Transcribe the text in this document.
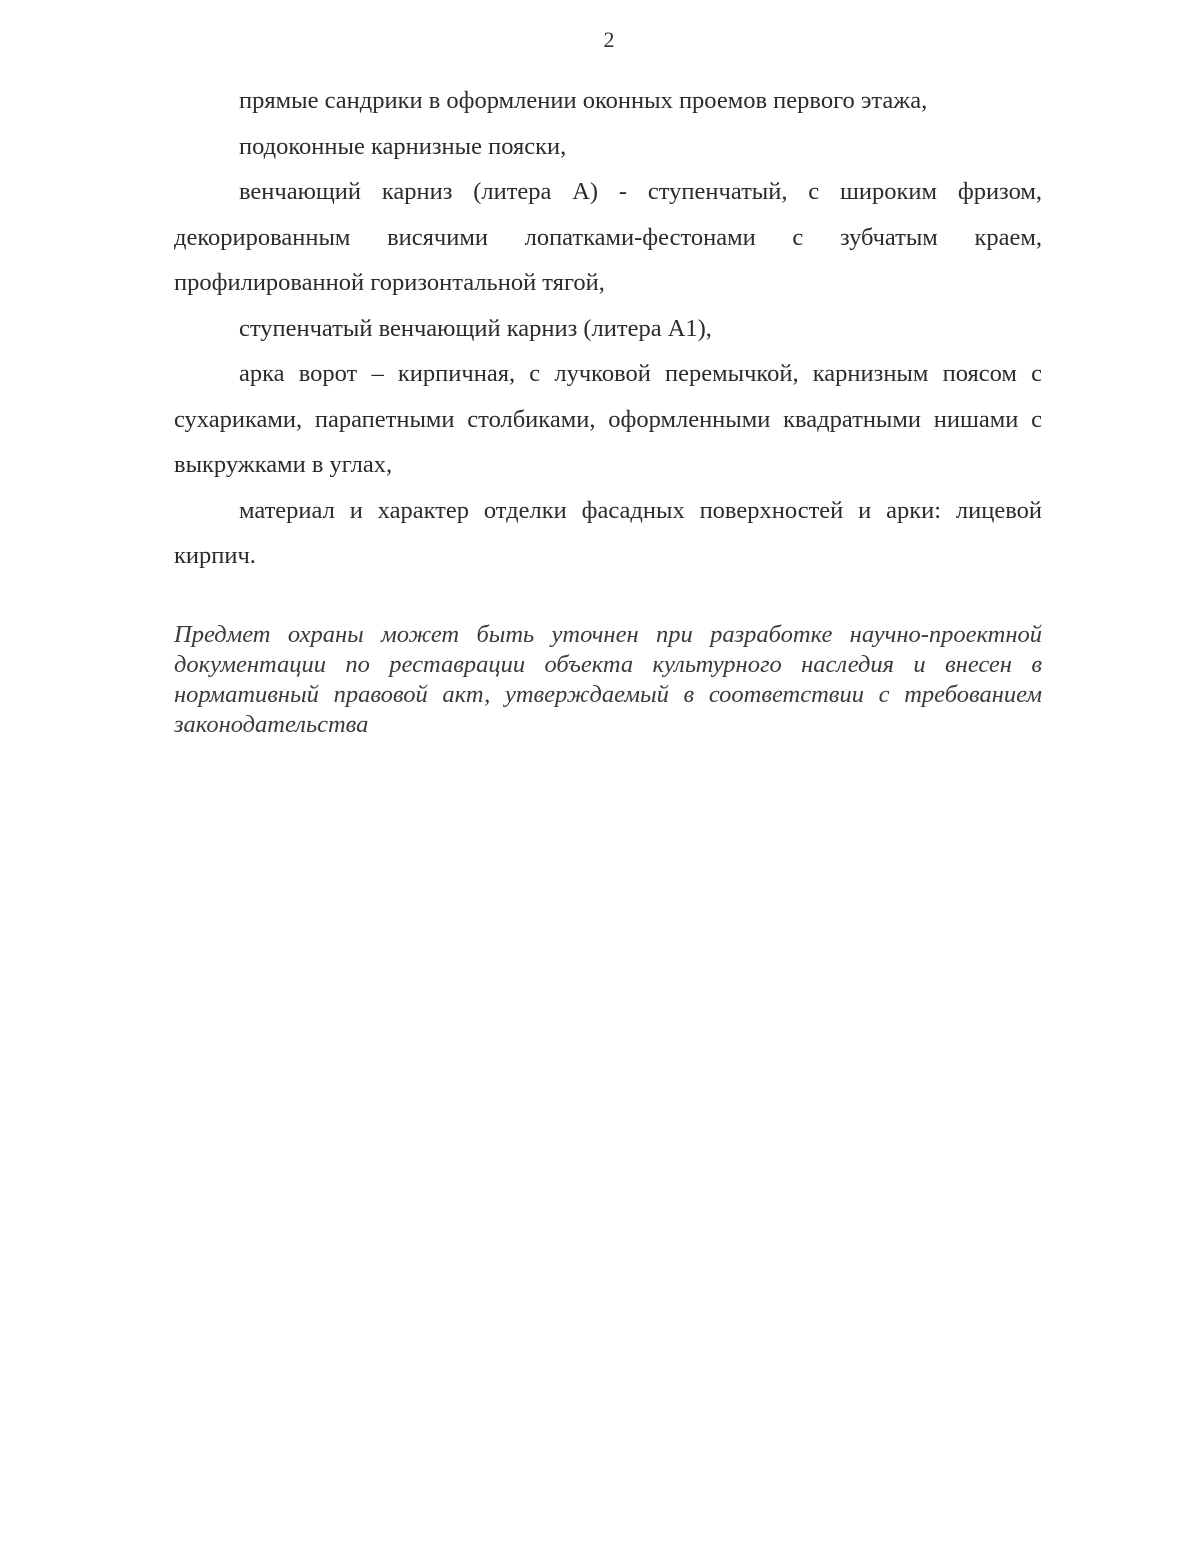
2

прямые сандрики в оформлении оконных проемов первого этажа,

подоконные карнизные пояски,

венчающий карниз (литера А) - ступенчатый, с широким фризом, декорированным висячими лопатками-фестонами с зубчатым краем, профилированной горизонтальной тягой,

ступенчатый венчающий карниз (литера А1),

арка ворот – кирпичная, с лучковой перемычкой, карнизным поясом с сухариками, парапетными столбиками, оформленными квадратными нишами с выкружками в углах,

материал и характер отделки фасадных поверхностей и арки: лицевой кирпич.

Предмет охраны может быть уточнен при разработке научно-проектной документации по реставрации объекта культурного наследия и внесен в нормативный правовой акт, утверждаемый в соответствии с требованием законодательства
